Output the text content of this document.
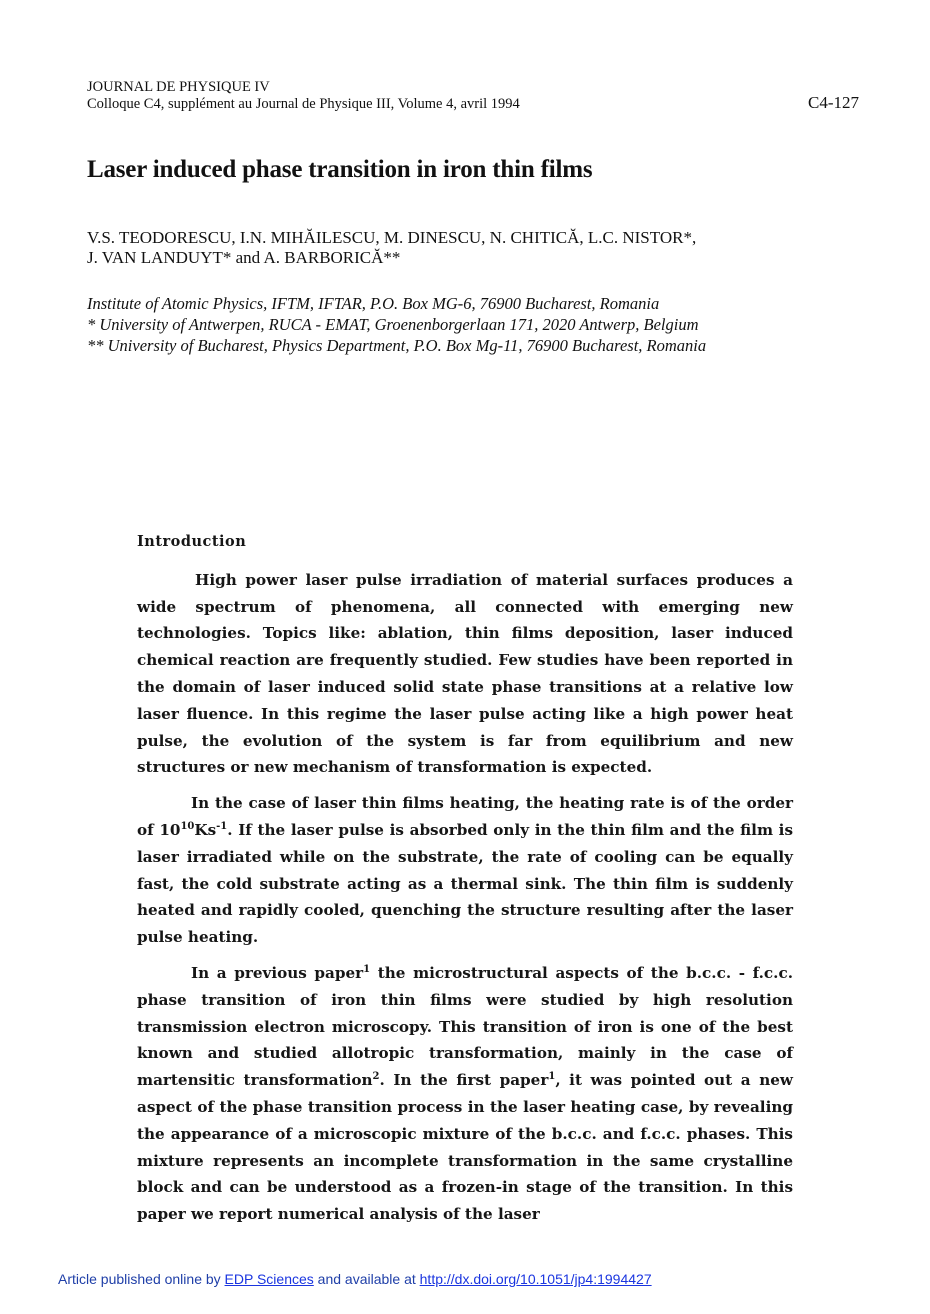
JOURNAL DE PHYSIQUE IV
Colloque C4, supplément au Journal de Physique III, Volume 4, avril 1994	C4-127
Laser induced phase transition in iron thin films
V.S. TEODORESCU, I.N. MIHĂILESCU, M. DINESCU, N. CHITICĂ, L.C. NISTOR*,
J. VAN LANDUYT* and A. BARBORICĂ**
Institute of Atomic Physics, IFTM, IFTAR, P.O. Box MG-6, 76900 Bucharest, Romania
* University of Antwerpen, RUCA - EMAT, Groenenborgerlaan 171, 2020 Antwerp, Belgium
** University of Bucharest, Physics Department, P.O. Box Mg-11, 76900 Bucharest, Romania
Introduction

High power laser pulse irradiation of material surfaces produces a wide spectrum of phenomena, all connected with emerging new technologies. Topics like: ablation, thin films deposition, laser induced chemical reaction are frequently studied. Few studies have been reported in the domain of laser induced solid state phase transitions at a relative low laser fluence. In this regime the laser pulse acting like a high power heat pulse, the evolution of the system is far from equilibrium and new structures or new mechanism of transformation is expected.

In the case of laser thin films heating, the heating rate is of the order of $10^{10}Ks^{-1}$. If the laser pulse is absorbed only in the thin film and the film is laser irradiated while on the substrate, the rate of cooling can be equally fast, the cold substrate acting as a thermal sink. The thin film is suddenly heated and rapidly cooled, quenching the structure resulting after the laser pulse heating.

In a previous paper$^1$ the microstructural aspects of the b.c.c. - f.c.c. phase transition of iron thin films were studied by high resolution transmission electron microscopy. This transition of iron is one of the best known and studied allotropic transformation, mainly in the case of martensitic transformation$^2$. In the first paper$^1$, it was pointed out a new aspect of the phase transition process in the laser heating case, by revealing the appearance of a microscopic mixture of the b.c.c. and f.c.c. phases. This mixture represents an incomplete transformation in the same crystalline block and can be understood as a frozen-in stage of the transition. In this paper we report numerical analysis of the laser

Article published online by EDP Sciences and available at http://dx.doi.org/10.1051/jp4:1994427
